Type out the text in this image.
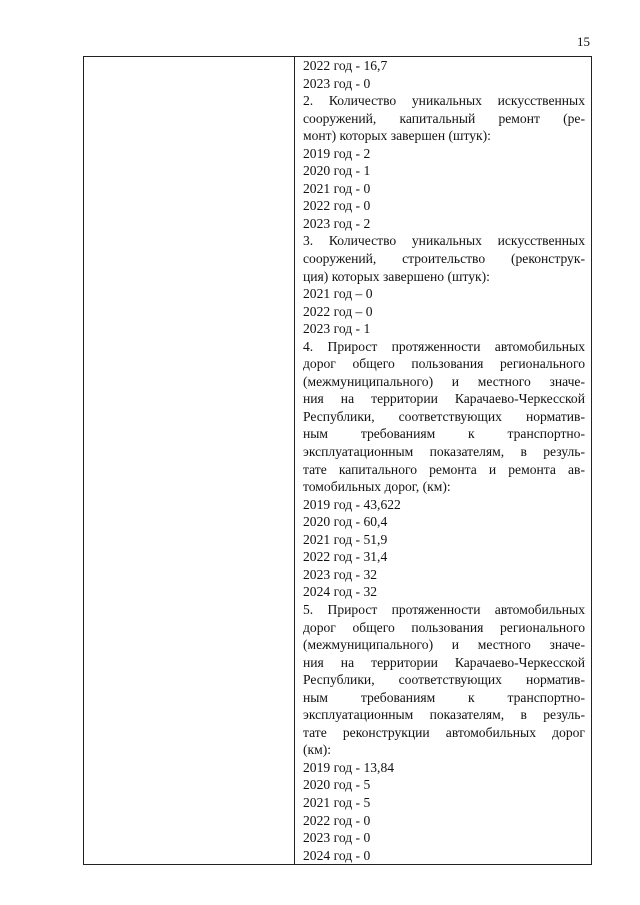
15

2022 год - 16,7
2023 год - 0
2. Количество уникальных искусственных
сооружений, капитальный ремонт (ре-
монт) которых завершен (штук):
2019 год - 2
2020 год - 1
2021 год - 0
2022 год - 0
2023 год - 2
3. Количество уникальных искусственных
сооружений, строительство (реконструк-
ция) которых завершено (штук):
2021 год – 0
2022 год – 0
2023 год - 1
4. Прирост протяженности автомобильных
дорог общего пользования регионального
(межмуниципального) и местного значе-
ния на территории Карачаево-Черкесской
Республики, соответствующих норматив-
ным требованиям к транспортно-
эксплуатационным показателям, в резуль-
тате капитального ремонта и ремонта ав-
томобильных дорог, (км):
2019 год - 43,622
2020 год - 60,4
2021 год - 51,9
2022 год - 31,4
2023 год - 32
2024 год - 32
5. Прирост протяженности автомобильных
дорог общего пользования регионального
(межмуниципального) и местного значе-
ния на территории Карачаево-Черкесской
Республики, соответствующих норматив-
ным требованиям к транспортно-
эксплуатационным показателям, в резуль-
тате реконструкции автомобильных дорог
(км):
2019 год - 13,84
2020 год - 5
2021 год - 5
2022 год - 0
2023 год - 0
2024 год - 0
